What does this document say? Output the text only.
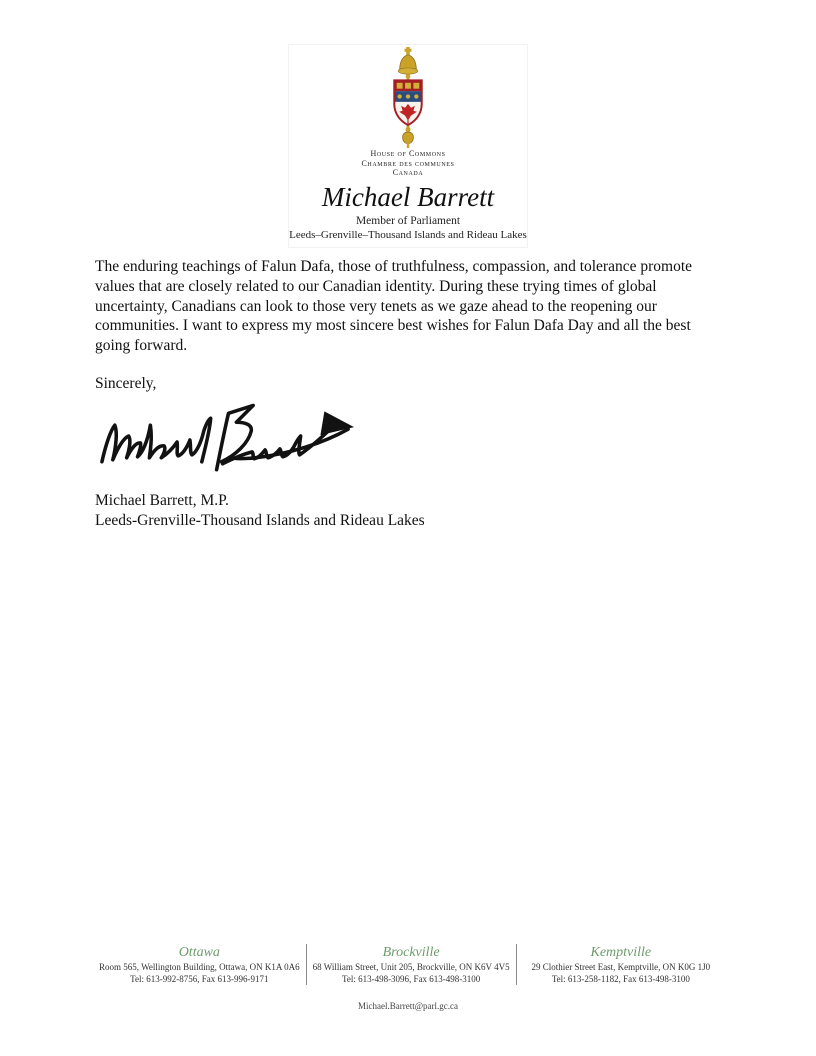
House of Commons
Chambre des communes
Canada
Michael Barrett
Member of Parliament
Leeds–Grenville–Thousand Islands and Rideau Lakes
The enduring teachings of Falun Dafa, those of truthfulness, compassion, and tolerance promote values that are closely related to our Canadian identity. During these trying times of global uncertainty, Canadians can look to those very tenets as we gaze ahead to the reopening our communities. I want to express my most sincere best wishes for Falun Dafa Day and all the best going forward.
Sincerely,
Michael Barrett, M.P.
Leeds-Grenville-Thousand Islands and Rideau Lakes
Ottawa
Room 565, Wellington Building, Ottawa, ON K1A 0A6
Tel: 613-992-8756, Fax 613-996-9171
Brockville
68 William Street, Unit 205, Brockville, ON K6V 4V5
Tel: 613-498-3096, Fax 613-498-3100
Kemptville
29 Clothier Street East, Kemptville, ON K0G 1J0
Tel: 613-258-1182, Fax 613-498-3100
Michael.Barrett@parl.gc.ca
